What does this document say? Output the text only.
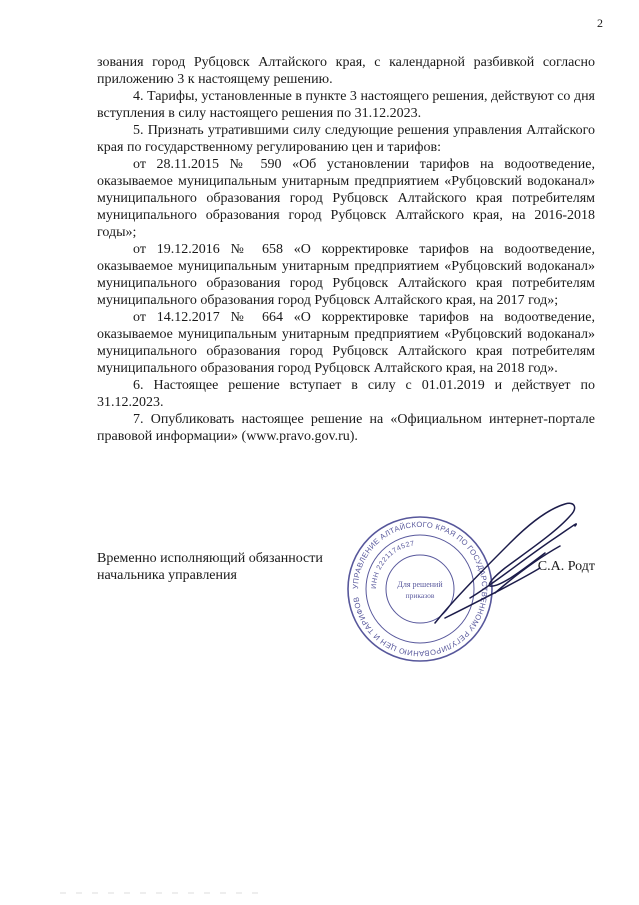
2

зования город Рубцовск Алтайского края, с календарной разбивкой согласно приложению 3 к настоящему решению.

4. Тарифы, установленные в пункте 3 настоящего решения, действуют со дня вступления в силу настоящего решения по 31.12.2023.

5. Признать утратившими силу следующие решения управления Алтайского края по государственному регулированию цен и тарифов:

от 28.11.2015 № 590 «Об установлении тарифов на водоотведение, оказываемое муниципальным унитарным предприятием «Рубцовский водоканал» муниципального образования город Рубцовск Алтайского края потребителям муниципального образования город Рубцовск Алтайского края, на 2016-2018 годы»;

от 19.12.2016 № 658 «О корректировке тарифов на водоотведение, оказываемое муниципальным унитарным предприятием «Рубцовский водоканал» муниципального образования город Рубцовск Алтайского края потребителям муниципального образования город Рубцовск Алтайского края, на 2017 год»;

от 14.12.2017 № 664 «О корректировке тарифов на водоотведение, оказываемое муниципальным унитарным предприятием «Рубцовский водоканал» муниципального образования город Рубцовск Алтайского края потребителям муниципального образования город Рубцовск Алтайского края, на 2018 год».

6. Настоящее решение вступает в силу с 01.01.2019 и действует по 31.12.2023.

7. Опубликовать настоящее решение на «Официальном интернет-портале правовой информации» (www.pravo.gov.ru).

Временно исполняющий обязанности
начальника управления
С.А. Родт
УПРАВЛЕНИЕ АЛТАЙСКОГО КРАЯ ПО ГОСУДАРСТВЕННОМУ РЕГУЛИРОВАНИЮ ЦЕН И ТАРИФОВ
ИНН 2221174527
Для решений
приказов
